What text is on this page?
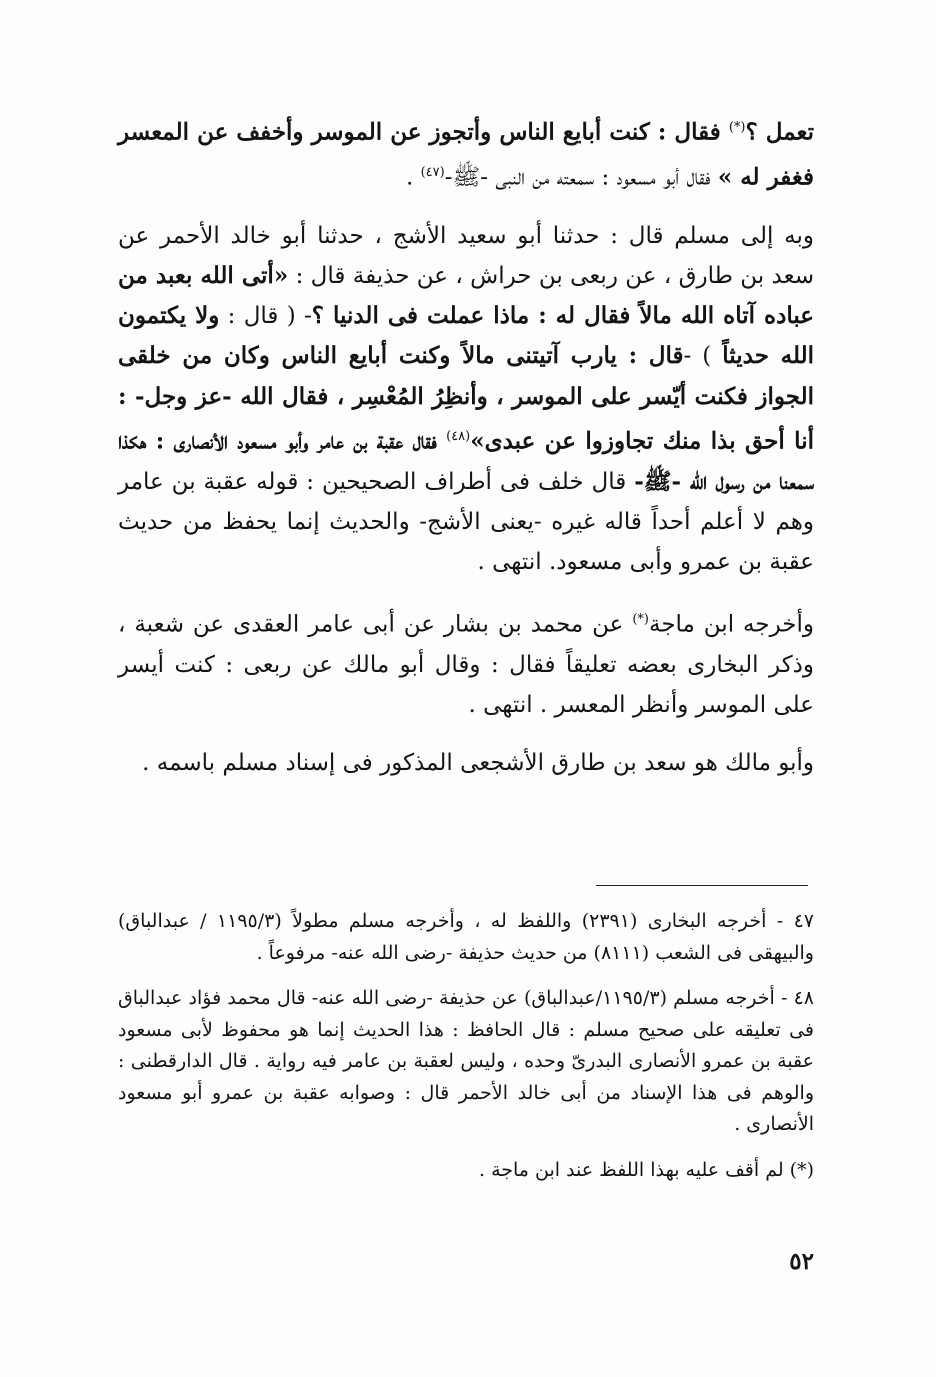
تعمل ؟(*) فقال : كنت أبايع الناس وأتجوز عن الموسر وأخفف عن المعسر فغفر له » فقال أبو مسعود : سمعته من النبى -ﷺ-$^{(٤٧)}$ .

وبه إلى مسلم قال : حدثنا أبو سعيد الأشج ، حدثنا أبو خالد الأحمر عن سعد بن طارق ، عن ربعى بن حراش ، عن حذيفة قال : «أتى الله بعبد من عباده آتاه الله مالاً فقال له : ماذا عملت فى الدنيا ؟- ( قال : ولا يكتمون الله حديثاً ) -قال : يارب آتيتنى مالاً وكنت أبايع الناس وكان من خلقى الجواز فكنت أيّسر على الموسر ، وأنظِرُ المُعْسِر ، فقال الله -عز وجل- : أنا أحق بذا منك تجاوزوا عن عبدى»$^{(٤٨)}$ فقال عقبة بن عامر وأبو مسعود الأنصارى : هكذا سمعنا من رسول الله -ﷺ- قال خلف فى أطراف الصحيحين : قوله عقبة بن عامر وهم لا أعلم أحداً قاله غيره -يعنى الأشج- والحديث إنما يحفظ من حديث عقبة بن عمرو وأبى مسعود. انتهى .

وأخرجه ابن ماجة(*) عن محمد بن بشار عن أبى عامر العقدى عن شعبة ، وذكر البخارى بعضه تعليقاً فقال : وقال أبو مالك عن ربعى : كنت أيسر على الموسر وأنظر المعسر . انتهى .

وأبو مالك هو سعد بن طارق الأشجعى المذكور فى إسناد مسلم باسمه .

٤٧ - أخرجه البخارى (٢٣٩١) واللفظ له ، وأخرجه مسلم مطولاً (١١٩٥/٣ / عبدالباق) والبيهقى فى الشعب (٨١١١) من حديث حذيفة -رضى الله عنه- مرفوعاً .

٤٨ - أخرجه مسلم (١١٩٥/٣/عبدالباق) عن حذيفة -رضى الله عنه- قال محمد فؤاد عبدالباق فى تعليقه على صحيح مسلم : قال الحافظ : هذا الحديث إنما هو محفوظ لأبى مسعود عقبة بن عمرو الأنصارى البدرىّ وحده ، وليس لعقبة بن عامر فيه رواية . قال الدارقطنى : والوهم فى هذا الإسناد من أبى خالد الأحمر قال : وصوابه عقبة بن عمرو أبو مسعود الأنصارى .

(*) لم أقف عليه بهذا اللفظ عند ابن ماجة .

٥٢
